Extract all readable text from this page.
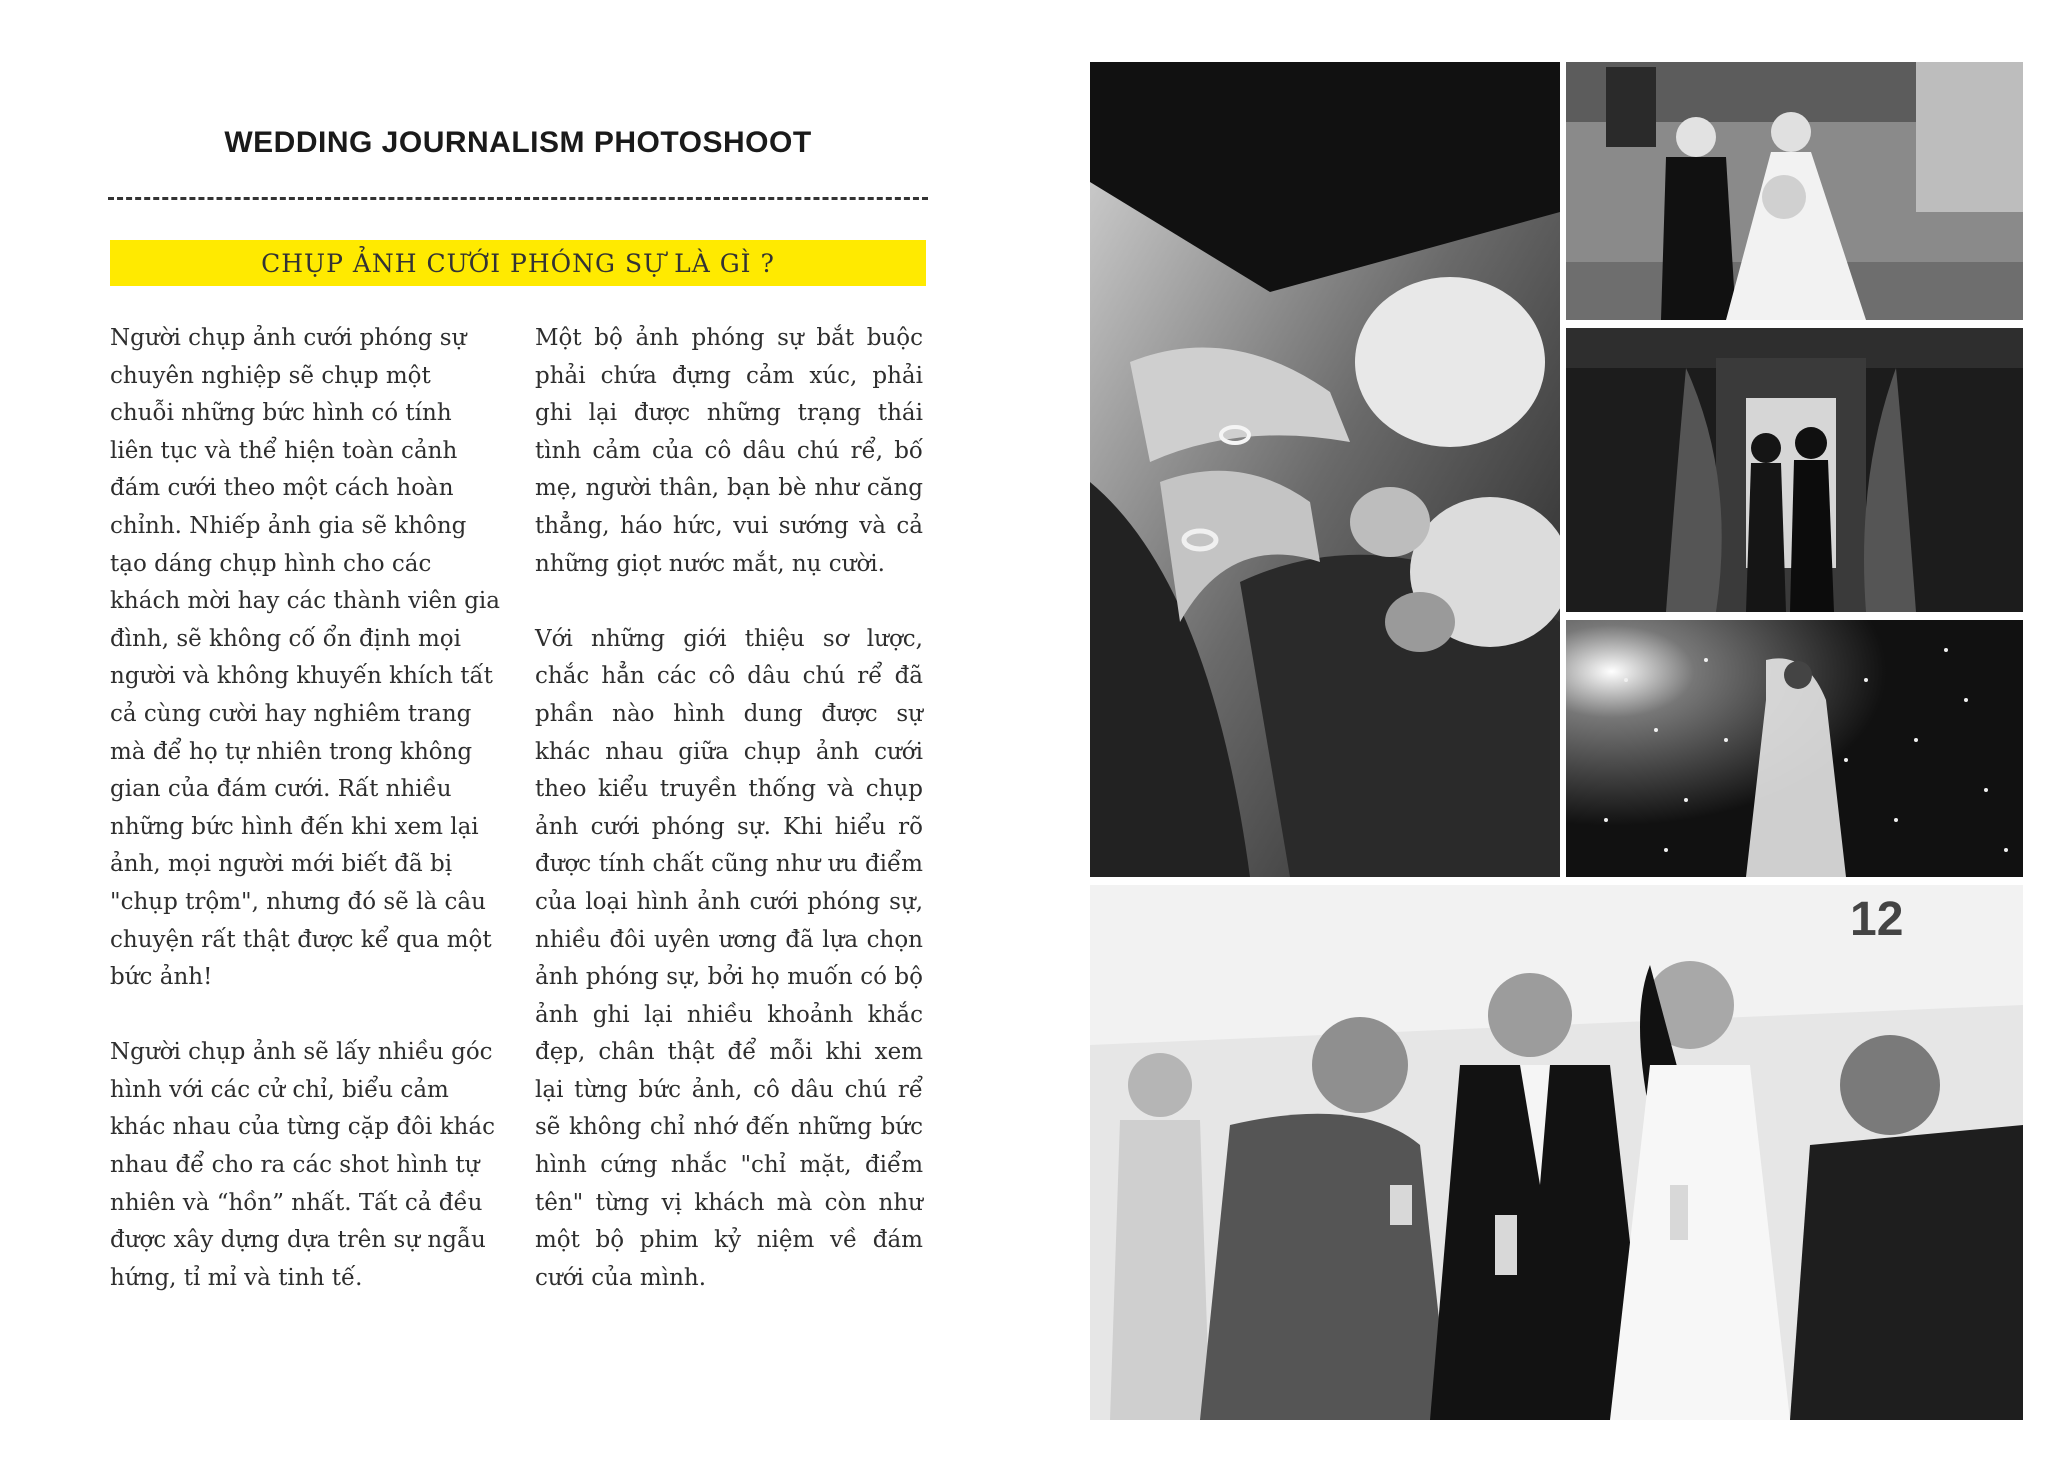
WEDDING JOURNALISM PHOTOSHOOT
CHỤP ẢNH CƯỚI PHÓNG SỰ LÀ GÌ ?

Người chụp ảnh cưới phóng sự chuyên nghiệp sẽ chụp một chuỗi những bức hình có tính liên tục và thể hiện toàn cảnh đám cưới theo một cách hoàn chỉnh. Nhiếp ảnh gia sẽ không tạo dáng chụp hình cho các khách mời hay các thành viên gia đình, sẽ không cố ổn định mọi người và không khuyến khích tất cả cùng cười hay nghiêm trang mà để họ tự nhiên trong không gian của đám cưới. Rất nhiều những bức hình đến khi xem lại ảnh, mọi người mới biết đã bị "chụp trộm", nhưng đó sẽ là câu chuyện rất thật được kể qua một bức ảnh!

Người chụp ảnh sẽ lấy nhiều góc hình với các cử chỉ, biểu cảm khác nhau của từng cặp đôi khác nhau để cho ra các shot hình tự nhiên và “hồn” nhất. Tất cả đều được xây dựng dựa trên sự ngẫu hứng, tỉ mỉ và tinh tế.

Một bộ ảnh phóng sự bắt buộc phải chứa đựng cảm xúc, phải ghi lại được những trạng thái tình cảm của cô dâu chú rể, bố mẹ, người thân, bạn bè như căng thẳng, háo hức, vui sướng và cả những giọt nước mắt, nụ cười.

Với những giới thiệu sơ lược, chắc hẳn các cô dâu chú rể đã phần nào hình dung được sự khác nhau giữa chụp ảnh cưới theo kiểu truyền thống và chụp ảnh cưới phóng sự. Khi hiểu rõ được tính chất cũng như ưu điểm của loại hình ảnh cưới phóng sự, nhiều đôi uyên ương đã lựa chọn ảnh phóng sự, bởi họ muốn có bộ ảnh ghi lại nhiều khoảnh khắc đẹp, chân thật để mỗi khi xem lại từng bức ảnh, cô dâu chú rể sẽ không chỉ nhớ đến những bức hình cứng nhắc "chỉ mặt, điểm tên" từng vị khách mà còn như một bộ phim kỷ niệm về đám cưới của mình.

12
